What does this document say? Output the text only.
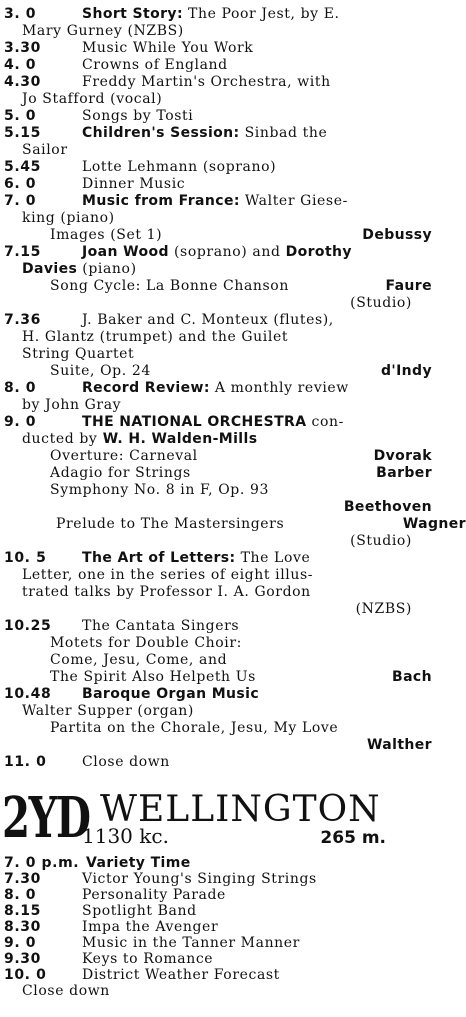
3. 0	Short Story: The Poor Jest, by E.
Mary Gurney (NZBS)
3.30	Music While You Work
4. 0	Crowns of England
4.30	Freddy Martin's Orchestra, with
Jo Stafford (vocal)
5. 0	Songs by Tosti
5.15	Children's Session: Sinbad the
Sailor
5.45	Lotte Lehmann (soprano)
6. 0	Dinner Music
7. 0	Music from France: Walter Giese-
king (piano)
Images (Set 1)	Debussy
7.15	Joan Wood (soprano) and Dorothy
Davies (piano)
Song Cycle: La Bonne Chanson	Faure
(Studio)
7.36	J. Baker and C. Monteux (flutes),
H. Glantz (trumpet) and the Guilet
String Quartet
Suite, Op. 24	d'Indy
8. 0	Record Review: A monthly review
by John Gray
9. 0	THE NATIONAL ORCHESTRA con-
ducted by W. H. Walden-Mills
Overture: Carneval	Dvorak
Adagio for Strings	Barber
Symphony No. 8 in F, Op. 93
Beethoven
Prelude to The Mastersingers	Wagner
(Studio)
10. 5	The Art of Letters: The Love
Letter, one in the series of eight illus-
trated talks by Professor I. A. Gordon
(NZBS)
10.25 The Cantata Singers
Motets for Double Choir:
Come, Jesu, Come, and
The Spirit Also Helpeth Us	Bach
10.48 Baroque Organ Music
Walter Supper (organ)
Partita on the Chorale, Jesu, My Love
Walther
11. 0	Close down
2YD WELLINGTON
1130 kc.	265 m.
7. 0 p.m. Variety Time
7.30	Victor Young's Singing Strings
8. 0	Personality Parade
8.15	Spotlight Band
8.30	Impa the Avenger
9. 0	Music in the Tanner Manner
9.30	Keys to Romance
10. 0	District Weather Forecast
Close down
